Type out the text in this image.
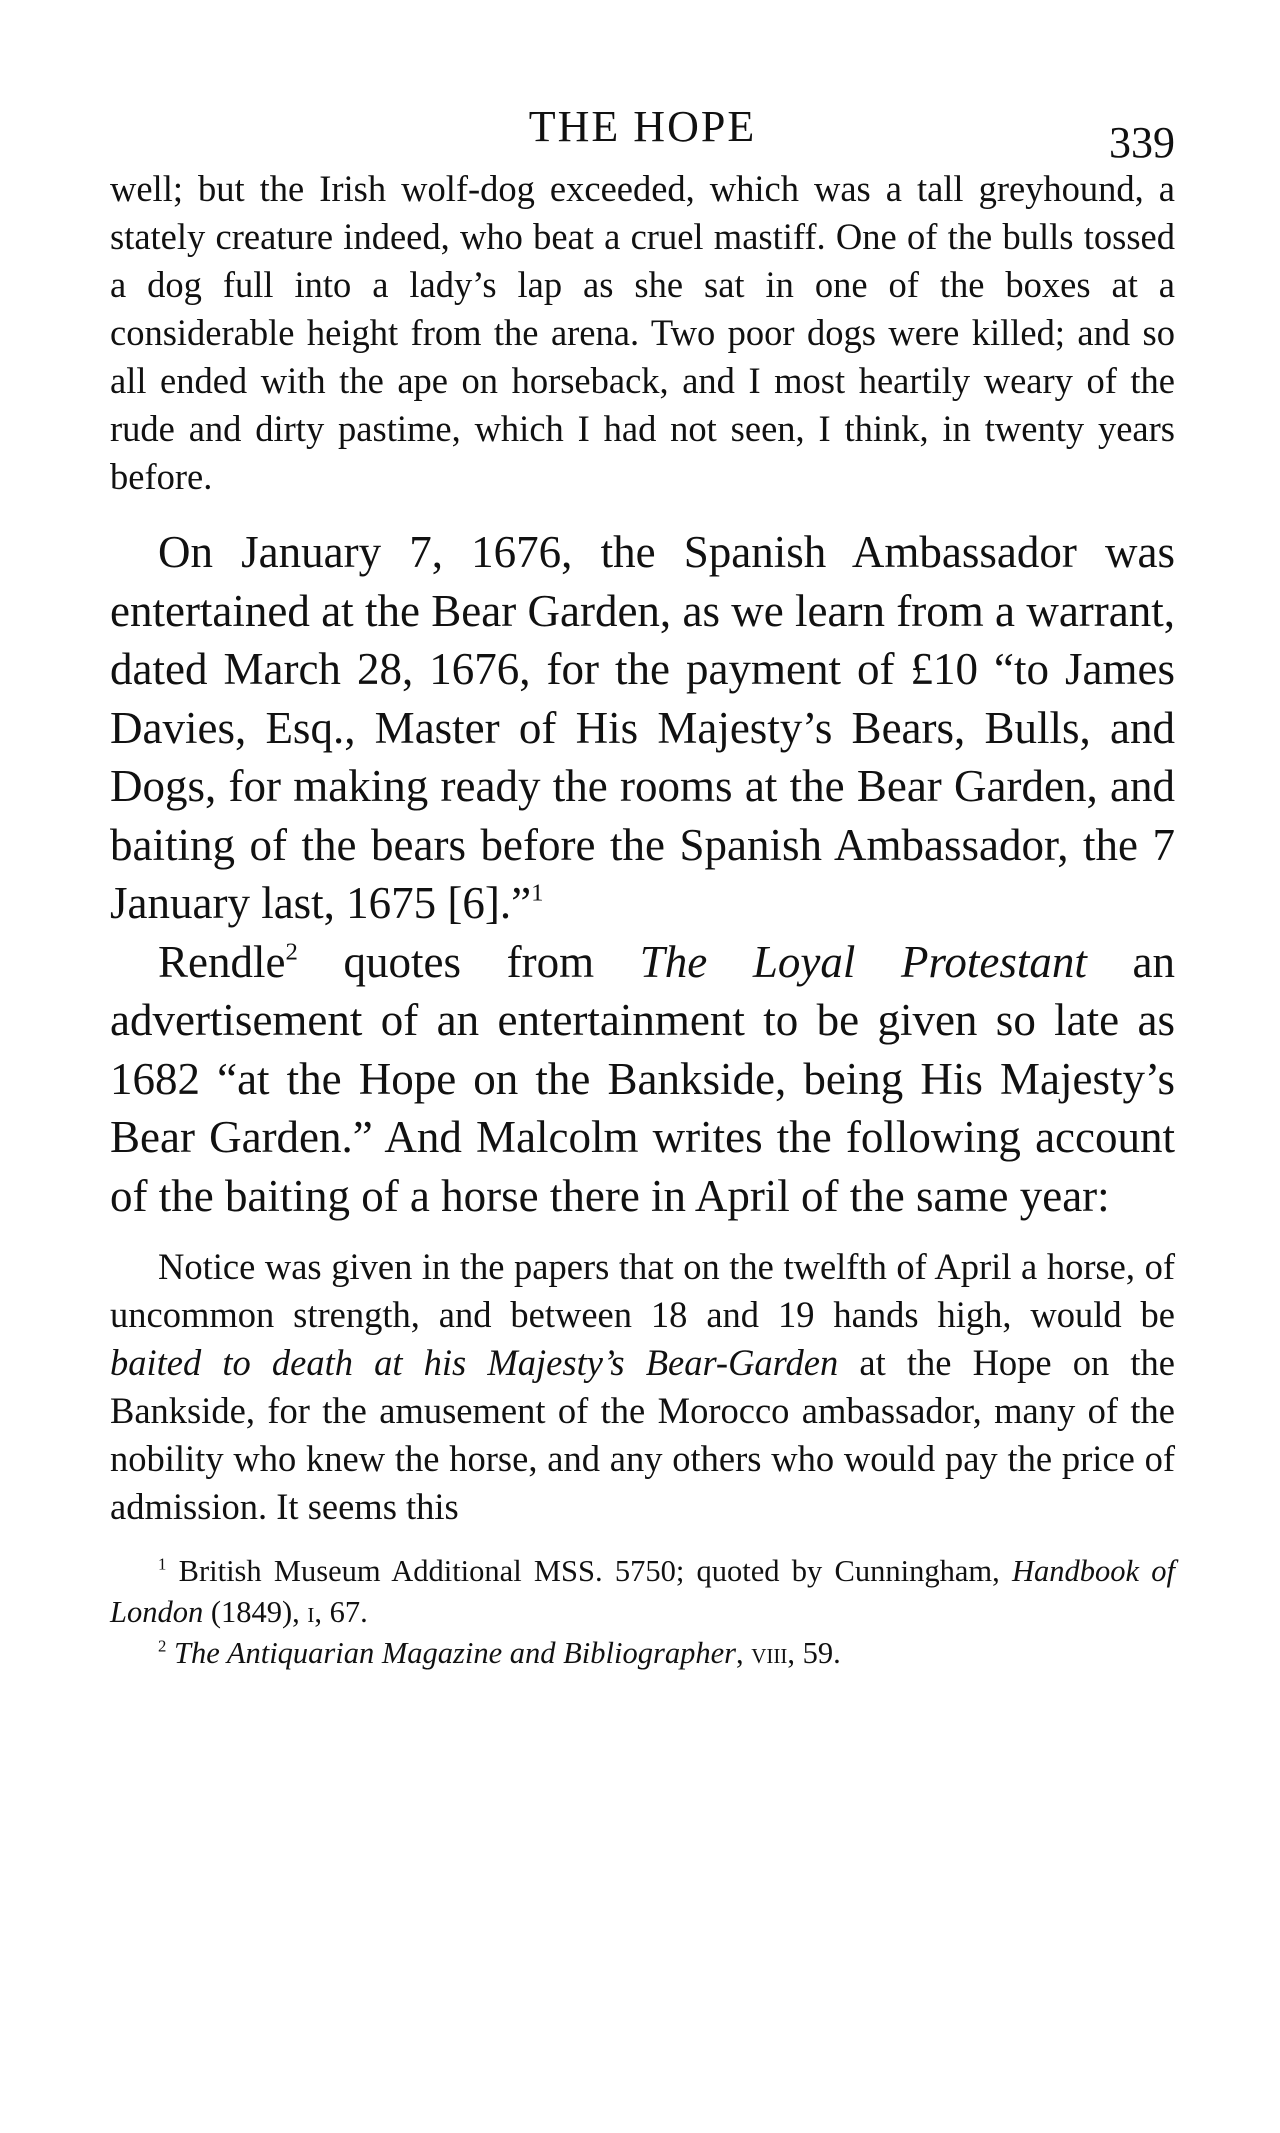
THE HOPE	339

well; but the Irish wolf-dog exceeded, which was a tall greyhound, a stately creature indeed, who beat a cruel mastiff. One of the bulls tossed a dog full into a lady’s lap as she sat in one of the boxes at a considerable height from the arena. Two poor dogs were killed; and so all ended with the ape on horseback, and I most heartily weary of the rude and dirty pastime, which I had not seen, I think, in twenty years before.

On January 7, 1676, the Spanish Ambassador was entertained at the Bear Garden, as we learn from a warrant, dated March 28, 1676, for the payment of £10 “to James Davies, Esq., Master of His Majesty’s Bears, Bulls, and Dogs, for making ready the rooms at the Bear Garden, and baiting of the bears before the Spanish Ambassador, the 7 January last, 1675 [6].”$^1$

Rendle$^2$ quotes from The Loyal Protestant an advertisement of an entertainment to be given so late as 1682 “at the Hope on the Bankside, being His Majesty’s Bear Garden.” And Malcolm writes the following account of the baiting of a horse there in April of the same year:

Notice was given in the papers that on the twelfth of April a horse, of uncommon strength, and between 18 and 19 hands high, would be baited to death at his Majesty’s Bear-Garden at the Hope on the Bankside, for the amusement of the Morocco ambassador, many of the nobility who knew the horse, and any others who would pay the price of admission. It seems this

$^1$ British Museum Additional MSS. 5750; quoted by Cunningham, Handbook of London (1849), i, 67.

$^2$ The Antiquarian Magazine and Bibliographer, viii, 59.
